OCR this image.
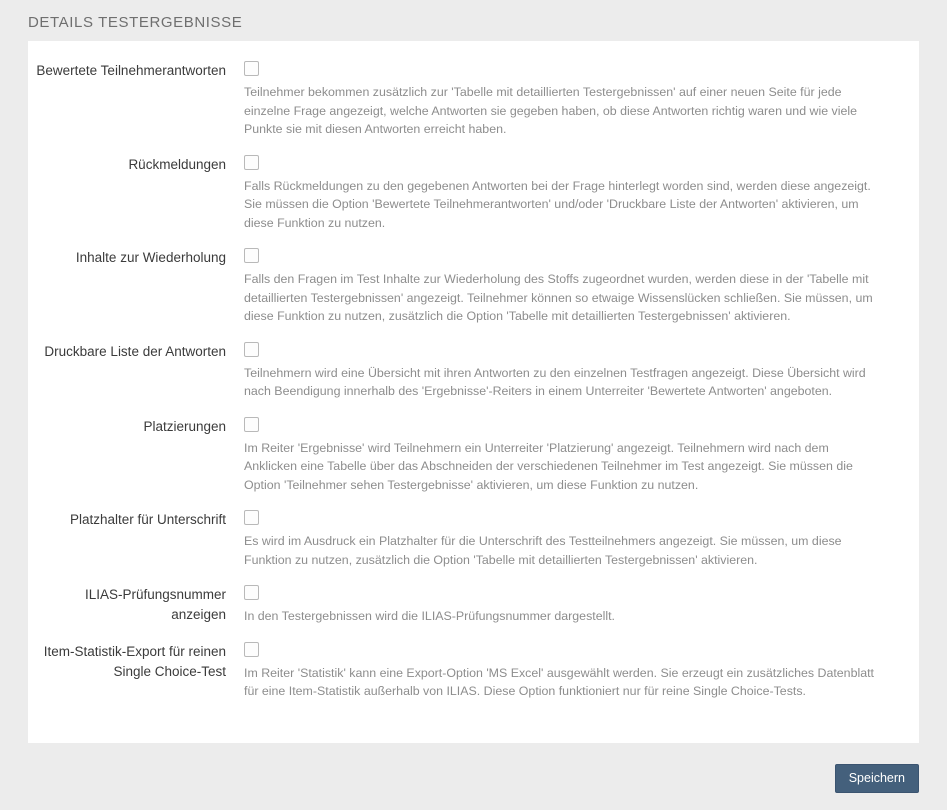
DETAILS TESTERGEBNISSE
Bewertete Teilnehmerantworten
Teilnehmer bekommen zusätzlich zur 'Tabelle mit detaillierten Testergebnissen' auf einer neuen Seite für jede einzelne Frage angezeigt, welche Antworten sie gegeben haben, ob diese Antworten richtig waren und wie viele Punkte sie mit diesen Antworten erreicht haben.
Rückmeldungen
Falls Rückmeldungen zu den gegebenen Antworten bei der Frage hinterlegt worden sind, werden diese angezeigt. Sie müssen die Option 'Bewertete Teilnehmerantworten' und/oder 'Druckbare Liste der Antworten' aktivieren, um diese Funktion zu nutzen.
Inhalte zur Wiederholung
Falls den Fragen im Test Inhalte zur Wiederholung des Stoffs zugeordnet wurden, werden diese in der 'Tabelle mit detaillierten Testergebnissen' angezeigt. Teilnehmer können so etwaige Wissenslücken schließen. Sie müssen, um diese Funktion zu nutzen, zusätzlich die Option 'Tabelle mit detaillierten Testergebnissen' aktivieren.
Druckbare Liste der Antworten
Teilnehmern wird eine Übersicht mit ihren Antworten zu den einzelnen Testfragen angezeigt. Diese Übersicht wird nach Beendigung innerhalb des 'Ergebnisse'-Reiters in einem Unterreiter 'Bewertete Antworten' angeboten.
Platzierungen
Im Reiter 'Ergebnisse' wird Teilnehmern ein Unterreiter 'Platzierung' angezeigt. Teilnehmern wird nach dem Anklicken eine Tabelle über das Abschneiden der verschiedenen Teilnehmer im Test angezeigt. Sie müssen die Option 'Teilnehmer sehen Testergebnisse' aktivieren, um diese Funktion zu nutzen.
Platzhalter für Unterschrift
Es wird im Ausdruck ein Platzhalter für die Unterschrift des Testteilnehmers angezeigt. Sie müssen, um diese Funktion zu nutzen, zusätzlich die Option 'Tabelle mit detaillierten Testergebnissen' aktivieren.
ILIAS-Prüfungsnummer anzeigen	In den Testergebnissen wird die ILIAS-Prüfungsnummer dargestellt.
Item-Statistik-Export für reinen Single Choice-Test	Im Reiter 'Statistik' kann eine Export-Option 'MS Excel' ausgewählt werden. Sie erzeugt ein zusätzliches Datenblatt für eine Item-Statistik außerhalb von ILIAS. Diese Option funktioniert nur für reine Single Choice-Tests.
Speichern
